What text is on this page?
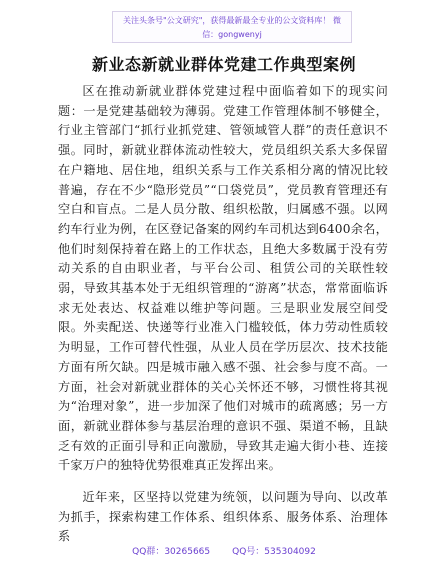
关注头条号"公文研究"，获得最新最全专业的公文资料库！ 微信：gongwenyj
新业态新就业群体党建工作典型案例

区在推动新就业群体党建过程中面临着如下的现实问题：一是党建基础较为薄弱。党建工作管理体制不够健全，行业主管部门“抓行业抓党建、管领域管人群”的责任意识不强。同时，新就业群体流动性较大，党员组织关系大多保留在户籍地、居住地，组织关系与工作关系相分离的情况比较普遍，存在不少“隐形党员”“口袋党员”，党员教育管理还有空白和盲点。二是人员分散、组织松散，归属感不强。以网约车行业为例，在区登记备案的网约车司机达到6400余名，他们时刻保持着在路上的工作状态，且绝大多数属于没有劳动关系的自由职业者，与平台公司、租赁公司的关联性较弱，导致其基本处于无组织管理的“游离”状态，常常面临诉求无处表达、权益难以维护等问题。三是职业发展空间受限。外卖配送、快递等行业准入门槛较低，体力劳动性质较为明显，工作可替代性强，从业人员在学历层次、技术技能方面有所欠缺。四是城市融入感不强、社会参与度不高。一方面，社会对新就业群体的关心关怀还不够，习惯性将其视为“治理对象”，进一步加深了他们对城市的疏离感；另一方面，新就业群体参与基层治理的意识不强、渠道不畅，且缺乏有效的正面引导和正向激励，导致其走遍大街小巷、连接千家万户的独特优势很难真正发挥出来。

近年来，区坚持以党建为统领，以问题为导向、以改革为抓手，探索构建工作体系、组织体系、服务体系、治理体系

QQ群：30265665 QQ号：535304092
